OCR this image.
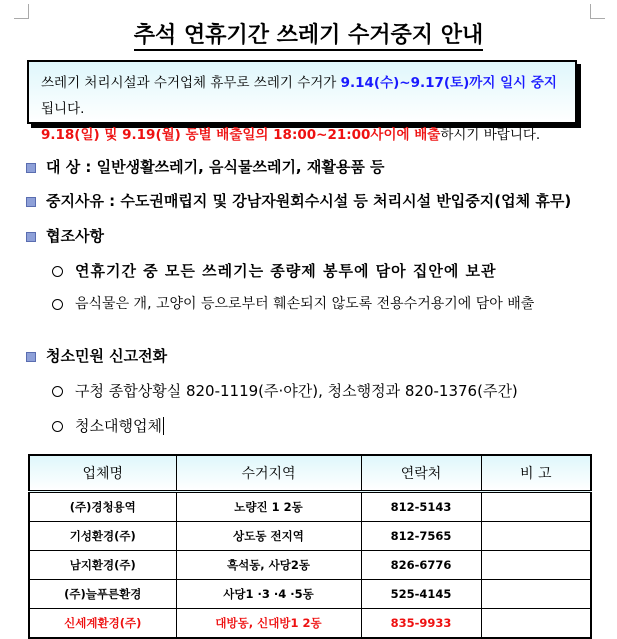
추석 연휴기간 쓰레기 수거중지 안내
쓰레기 처리시설과 수거업체 휴무로 쓰레기 수거가 9.14(수)~9.17(토)까지 일시 중지됩니다.
9.18(일) 및 9.19(월) 동별 배출일의 18:00~21:00사이에 배출하시기 바랍니다.
대 상 : 일반생활쓰레기, 음식물쓰레기, 재활용품 등
중지사유 : 수도권매립지 및 강남자원회수시설 등 처리시설 반입중지(업체 휴무)
협조사항
연휴기간 중 모든 쓰레기는 종량제 봉투에 담아 집안에 보관
음식물은 개, 고양이 등으로부터 훼손되지 않도록 전용수거용기에 담아 배출
청소민원 신고전화
구청 종합상황실 820-1119(주·야간), 청소행정과 820-1376(주간)
청소대행업체
업체명	수거지역	연락처	비 고
(주)경청용역	노량진 1 2동	812-5143	
기성환경(주)	상도동 전지역	812-7565	
남지환경(주)	흑석동, 사당2동	826-6776	
(주)늘푸른환경	사당1 ·3 ·4 ·5동	525-4145	
신세계환경(주)	대방동, 신대방1 2동	835-9933	
